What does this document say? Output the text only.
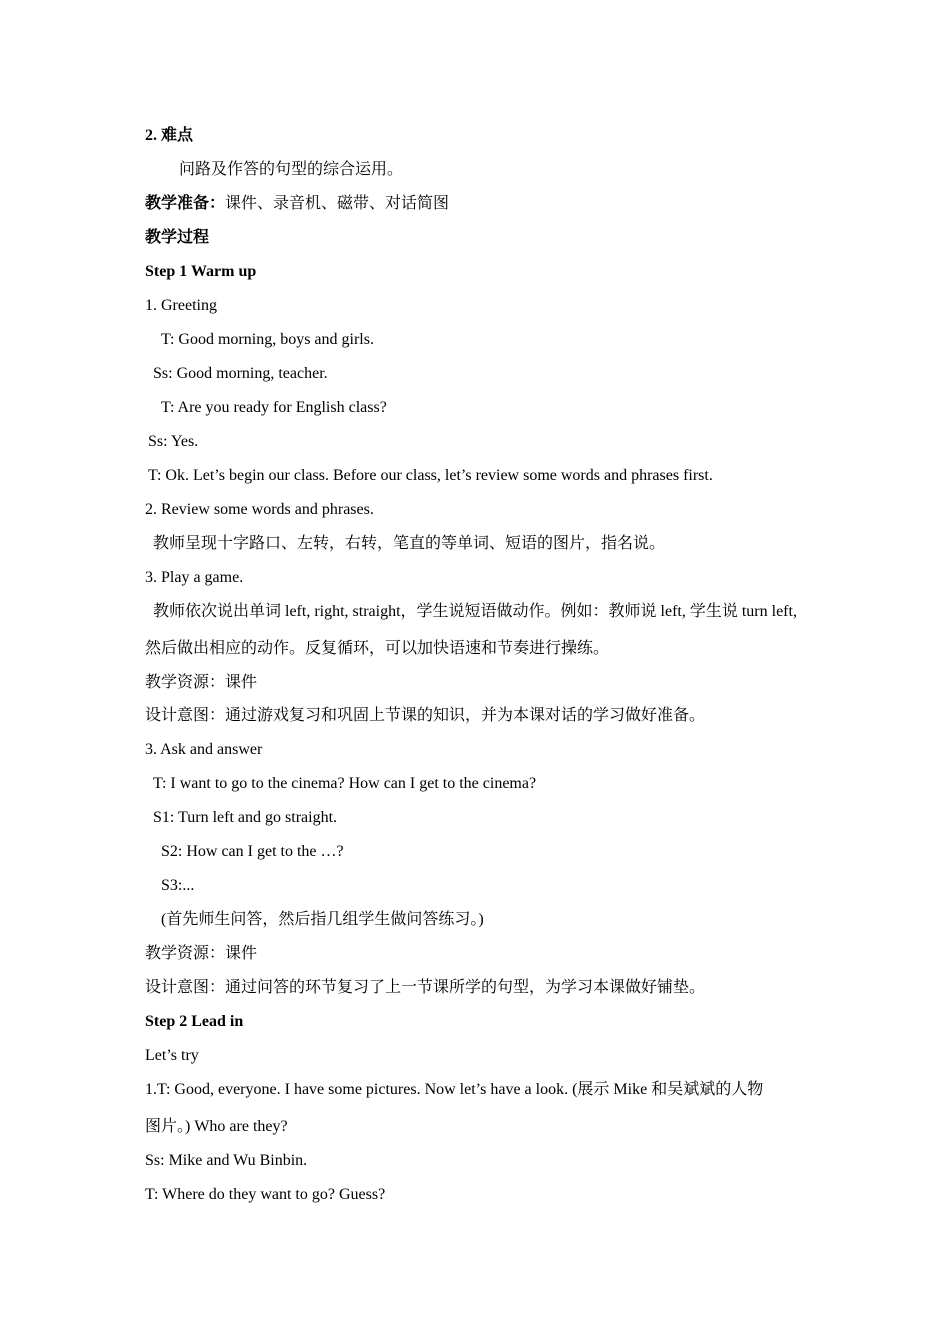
2. 难点
问路及作答的句型的综合运用。
教学准备：课件、录音机、磁带、对话简图
教学过程
Step 1 Warm up
1. Greeting
T: Good morning, boys and girls.
Ss: Good morning, teacher.
T: Are you ready for English class?
Ss: Yes.
T: Ok. Let’s begin our class. Before our class, let’s review some words and phrases first.
2. Review some words and phrases.
教师呈现十字路口、左转，右转，笔直的等单词、短语的图片，指名说。
3. Play a game.
教师依次说出单词 left, right, straight，学生说短语做动作。例如：教师说 left, 学生说 turn left,
然后做出相应的动作。反复循环，可以加快语速和节奏进行操练。
教学资源：课件
设计意图：通过游戏复习和巩固上节课的知识，并为本课对话的学习做好准备。
3. Ask and answer
T: I want to go to the cinema? How can I get to the cinema?
S1: Turn left and go straight.
S2: How can I get to the …?
S3:...
(首先师生问答，然后指几组学生做问答练习。)
教学资源：课件
设计意图：通过问答的环节复习了上一节课所学的句型，为学习本课做好铺垫。
Step 2 Lead in
Let’s try
1.T: Good, everyone. I have some pictures. Now let’s have a look. (展示 Mike 和吴斌斌的人物
图片。) Who are they?
Ss: Mike and Wu Binbin.
T: Where do they want to go? Guess?
